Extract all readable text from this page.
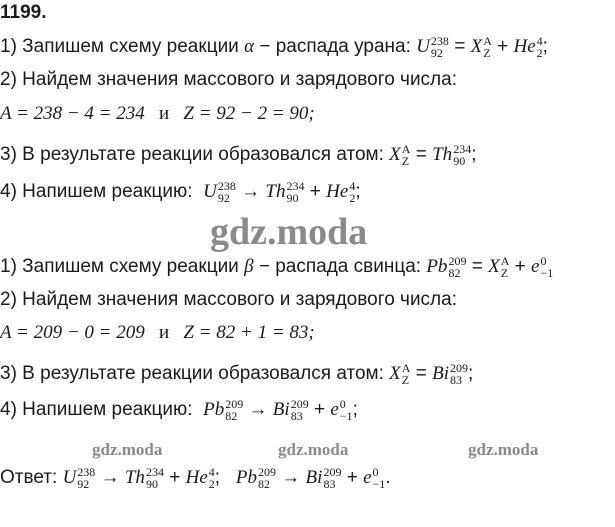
1199.
1) Запишем схему реакции α − распада урана: U 238
92 = X A
Z + He 4
2 ;
2) Найдем значения массового и зарядового числа:
A = 238 − 4 = 234 и Z = 92 − 2 = 90;
3) В результате реакции образовался атом: X A
Z = Th 234
90 ;
4) Напишем реакцию:  U 238
92 → Th 234
90 + He 4
2 ;
gdz.moda
1) Запишем схему реакции β − распада свинца: Pb 209
82 = X A
Z + e 0
−1
2) Найдем значения массового и зарядового числа:
A = 209 − 0 = 209 и Z = 82 + 1 = 83;
3) В результате реакции образовался атом: X A
Z = Bi 209
83 ;
4) Напишем реакцию:  Pb 209
82 → Bi 209
83 + e 0
−1 ;
gdz.moda	gdz.moda	gdz.moda
Ответ: U 238
92 → Th 234
90 + He 4
2 ;   Pb 209
82 → Bi 209
83 + e 0
−1 .
